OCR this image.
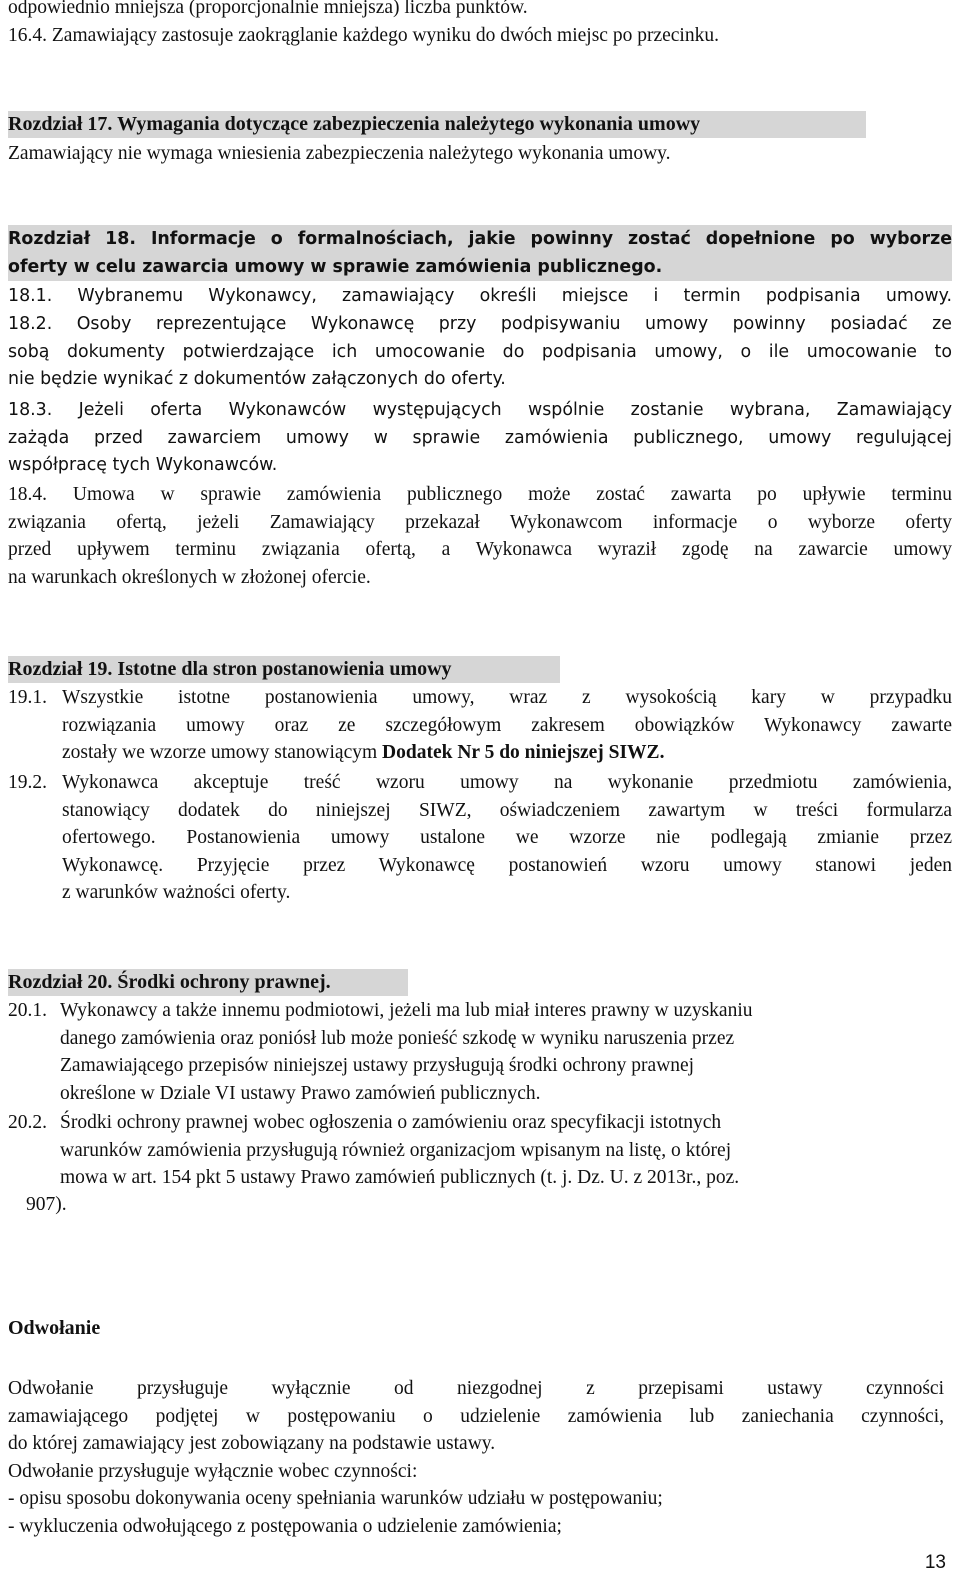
odpowiednio mniejsza (proporcjonalnie mniejsza) liczba punktów.
16.4. Zamawiający zastosuje zaokrąglanie każdego wyniku do dwóch miejsc po przecinku.
Rozdział 17. Wymagania dotyczące zabezpieczenia należytego wykonania umowy
Zamawiający nie wymaga wniesienia zabezpieczenia należytego wykonania umowy.
Rozdział 18. Informacje o formalnościach, jakie powinny zostać dopełnione po wyborze
oferty w celu zawarcia umowy w sprawie zamówienia publicznego.
18.1. Wybranemu Wykonawcy, zamawiający określi miejsce i termin podpisania umowy.
18.2. Osoby reprezentujące Wykonawcę przy podpisywaniu umowy powinny posiadać ze
sobą dokumenty potwierdzające ich umocowanie do podpisania umowy, o ile umocowanie to
nie będzie wynikać z dokumentów załączonych do oferty.
18.3. Jeżeli oferta Wykonawców występujących wspólnie zostanie wybrana, Zamawiający
zażąda przed zawarciem umowy w sprawie zamówienia publicznego, umowy regulującej
współpracę tych Wykonawców.
18.4. Umowa w sprawie zamówienia publicznego może zostać zawarta po upływie terminu
związania ofertą, jeżeli Zamawiający przekazał Wykonawcom informacje o wyborze oferty
przed upływem terminu związania ofertą, a Wykonawca wyraził zgodę na zawarcie umowy
na warunkach określonych w złożonej ofercie.
Rozdział 19. Istotne dla stron postanowienia umowy
19.1. Wszystkie istotne postanowienia umowy, wraz z wysokością kary w przypadku
rozwiązania umowy oraz ze szczegółowym zakresem obowiązków Wykonawcy zawarte
zostały we wzorze umowy stanowiącym Dodatek Nr 5 do niniejszej SIWZ.
19.2. Wykonawca akceptuje treść wzoru umowy na wykonanie przedmiotu zamówienia,
stanowiący dodatek do niniejszej SIWZ, oświadczeniem zawartym w treści formularza
ofertowego. Postanowienia umowy ustalone we wzorze nie podlegają zmianie przez
Wykonawcę. Przyjęcie przez Wykonawcę postanowień wzoru umowy stanowi jeden
z warunków ważności oferty.
Rozdział 20. Środki ochrony prawnej.
20.1. Wykonawcy a także innemu podmiotowi, jeżeli ma lub miał interes prawny w uzyskaniu
danego zamówienia oraz poniósł lub może ponieść szkodę w wyniku naruszenia przez
Zamawiającego przepisów niniejszej ustawy przysługują środki ochrony prawnej
określone w Dziale VI ustawy Prawo zamówień publicznych.
20.2. Środki ochrony prawnej wobec ogłoszenia o zamówieniu oraz specyfikacji istotnych
warunków zamówienia przysługują również organizacjom wpisanym na listę, o której
mowa w art. 154 pkt 5 ustawy Prawo zamówień publicznych (t. j. Dz. U. z 2013r., poz.
907).
Odwołanie
Odwołanie przysługuje wyłącznie od niezgodnej z przepisami ustawy czynności
zamawiającego podjętej w postępowaniu o udzielenie zamówienia lub zaniechania czynności,
do której zamawiający jest zobowiązany na podstawie ustawy.
Odwołanie przysługuje wyłącznie wobec czynności:
- opisu sposobu dokonywania oceny spełniania warunków udziału w postępowaniu;
- wykluczenia odwołującego z postępowania o udzielenie zamówienia;
13
